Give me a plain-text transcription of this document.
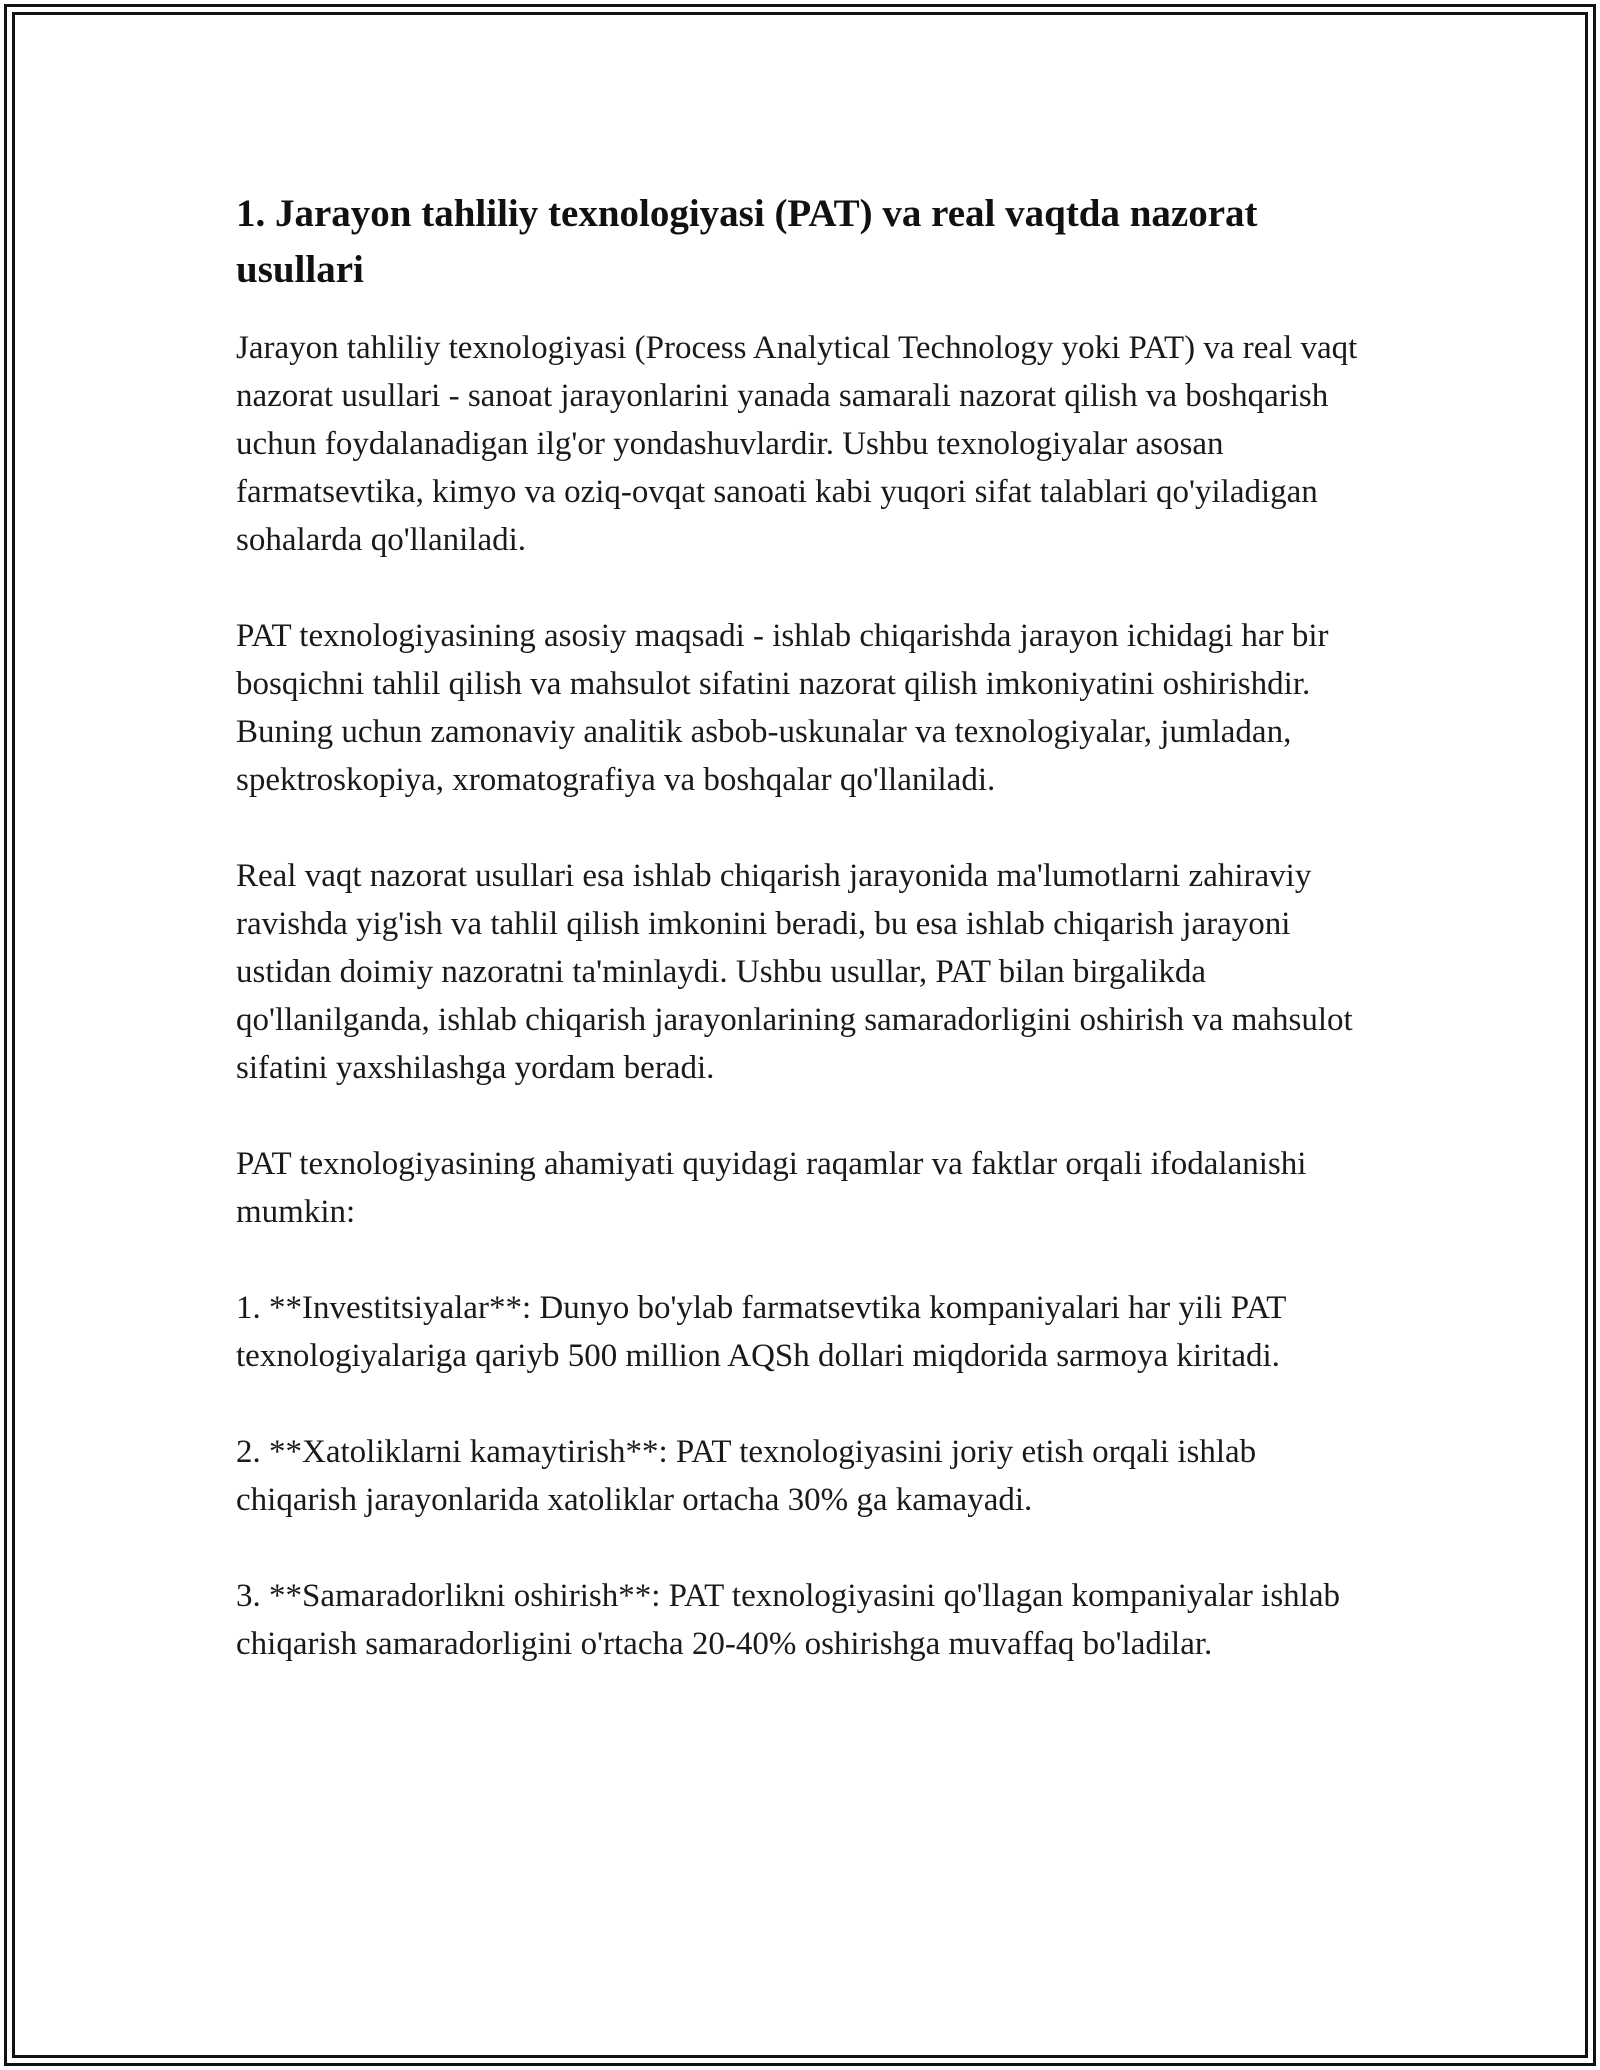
1. Jarayon tahliliy texnologiyasi (PAT) va real vaqtda nazorat usullari

Jarayon tahliliy texnologiyasi (Process Analytical Technology yoki PAT) va real vaqt nazorat usullari - sanoat jarayonlarini yanada samarali nazorat qilish va boshqarish uchun foydalanadigan ilg'or yondashuvlardir. Ushbu texnologiyalar asosan farmatsevtika, kimyo va oziq-ovqat sanoati kabi yuqori sifat talablari qo'yiladigan sohalarda qo'llaniladi.

PAT texnologiyasining asosiy maqsadi - ishlab chiqarishda jarayon ichidagi har bir bosqichni tahlil qilish va mahsulot sifatini nazorat qilish imkoniyatini oshirishdir. Buning uchun zamonaviy analitik asbob-uskunalar va texnologiyalar, jumladan, spektroskopiya, xromatografiya va boshqalar qo'llaniladi.

Real vaqt nazorat usullari esa ishlab chiqarish jarayonida ma'lumotlarni zahiraviy ravishda yig'ish va tahlil qilish imkonini beradi, bu esa ishlab chiqarish jarayoni ustidan doimiy nazoratni ta'minlaydi. Ushbu usullar, PAT bilan birgalikda qo'llanilganda, ishlab chiqarish jarayonlarining samaradorligini oshirish va mahsulot sifatini yaxshilashga yordam beradi.

PAT texnologiyasining ahamiyati quyidagi raqamlar va faktlar orqali ifodalanishi mumkin:

1. **Investitsiyalar**: Dunyo bo'ylab farmatsevtika kompaniyalari har yili PAT texnologiyalariga qariyb 500 million AQSh dollari miqdorida sarmoya kiritadi.

2. **Xatoliklarni kamaytirish**: PAT texnologiyasini joriy etish orqali ishlab chiqarish jarayonlarida xatoliklar ortacha 30% ga kamayadi.

3. **Samaradorlikni oshirish**: PAT texnologiyasini qo'llagan kompaniyalar ishlab chiqarish samaradorligini o'rtacha 20-40% oshirishga muvaffaq bo'ladilar.
